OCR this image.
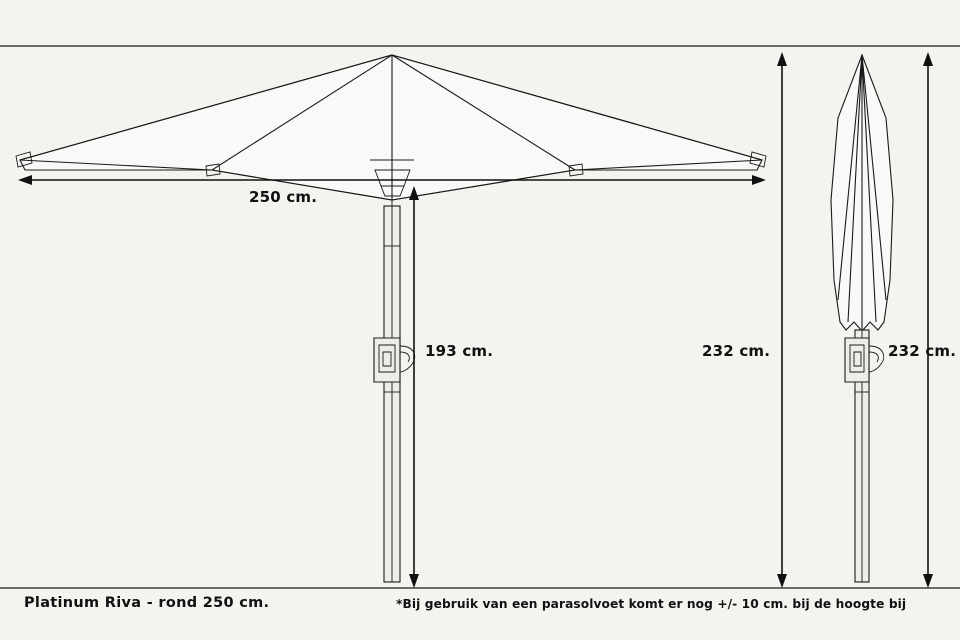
250 cm.
193 cm.	232 cm.	232 cm.
Platinum Riva - rond 250 cm.	*Bij gebruik van een parasolvoet komt er nog +/- 10 cm. bij de hoogte bij
